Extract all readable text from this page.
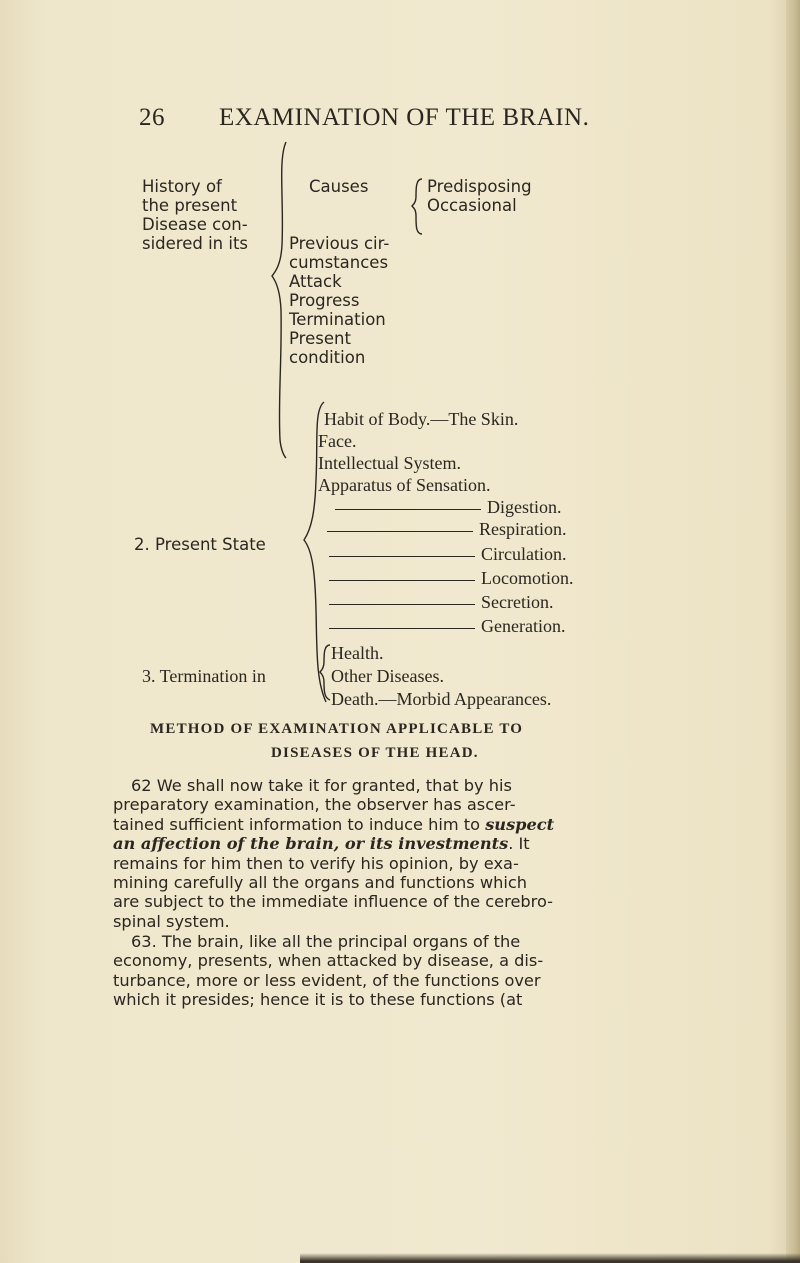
26 EXAMINATION OF THE BRAIN.
History of
the present
Disease con-
sidered in its
Causes	Predisposing
Occasional
Previous cir-
cumstances
Attack
Progress
Termination
Present
condition
2. Present State
Habit of Body.—The Skin.
Face.
Intellectual System.
Apparatus of Sensation.
Digestion.
Respiration.
Circulation.
Locomotion.
Secretion.
Generation.
3. Termination in
Health.
Other Diseases.
Death.—Morbid Appearances.
METHOD OF EXAMINATION APPLICABLE TO
DISEASES OF THE HEAD.

62 We shall now take it for granted, that by his

preparatory examination, the observer has ascer-

tained sufficient information to induce him to suspect

an affection of the brain, or its investments. It

remains for him then to verify his opinion, by exa-

mining carefully all the organs and functions which

are subject to the immediate influence of the cerebro-

spinal system.

63. The brain, like all the principal organs of the

economy, presents, when attacked by disease, a dis-

turbance, more or less evident, of the functions over

which it presides; hence it is to these functions (at
